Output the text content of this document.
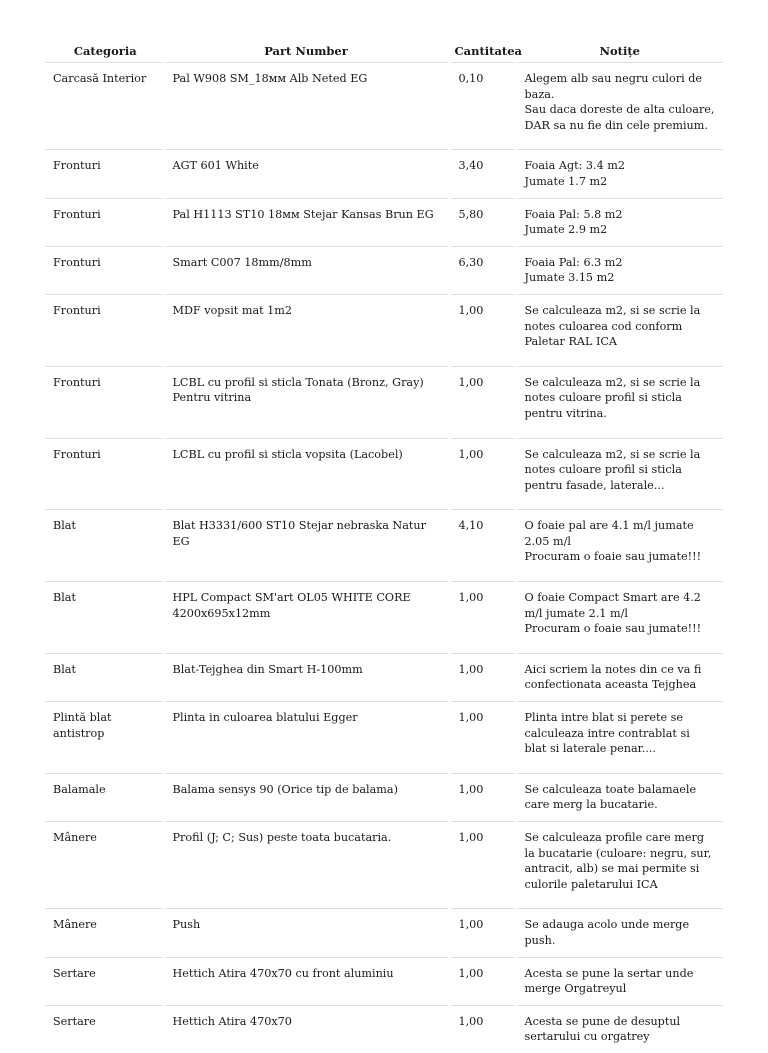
Categoria	Part Number	Cantitatea	Notițe
Carcasă Interior	Pal W908 SM_18мм Alb Neted EG	0,10	Alegem alb sau negru culori de baza.
Sau daca doreste de alta culoare, DAR sa nu fie din cele premium.

Fronturi	AGT 601 White	3,40	Foaia Agt: 3.4 m2
Jumate 1.7 m2

Fronturi	Pal H1113 ST10 18мм Stejar Kansas Brun EG	5,80	Foaia Pal: 5.8 m2
Jumate 2.9 m2

Fronturi	Smart C007 18mm/8mm	6,30	Foaia Pal: 6.3 m2
Jumate 3.15 m2

Fronturi	MDF vopsit mat 1m2	1,00	Se calculeaza m2, si se scrie la notes culoarea cod conform Paletar RAL ICA

Fronturi	LCBL cu profil si sticla Tonata (Bronz, Gray) Pentru vitrina	1,00	Se calculeaza m2, si se scrie la notes culoare profil si sticla pentru vitrina.

Fronturi	LCBL cu profil si sticla vopsita (Lacobel)	1,00	Se calculeaza m2, si se scrie la notes culoare profil si sticla pentru fasade, laterale...

Blat	Blat H3331/600 ST10 Stejar nebraska Natur EG	4,10	O foaie pal are 4.1 m/l jumate 2.05 m/l
Procuram o foaie sau jumate!!!

Blat	HPL Compact SM'art OL05 WHITE CORE 4200x695x12mm	1,00	O foaie Compact Smart are 4.2 m/l jumate 2.1 m/l
Procuram o foaie sau jumate!!!

Blat	Blat-Tejghea din Smart H-100mm	1,00	Aici scriem la notes din ce va fi confectionata aceasta Tejghea

Plintă blat antistrop	Plinta in culoarea blatului Egger	1,00	Plinta intre blat si perete se calculeaza intre contrablat si blat si laterale penar....

Balamale	Balama sensys 90 (Orice tip de balama)	1,00	Se calculeaza toate balamaele care merg la bucatarie.

Mânere	Profil (J; C; Sus) peste toata bucataria.	1,00	Se calculeaza profile care merg la bucatarie (culoare: negru, sur, antracit, alb) se mai permite si culorile paletarului ICA

Mânere	Push	1,00	Se adauga acolo unde merge push.

Sertare	Hettich Atira 470x70 cu front aluminiu	1,00	Acesta se pune la sertar unde merge Orgatreyul

Sertare	Hettich Atira 470x70	1,00	Acesta se pune de desuptul sertarului cu orgatrey
